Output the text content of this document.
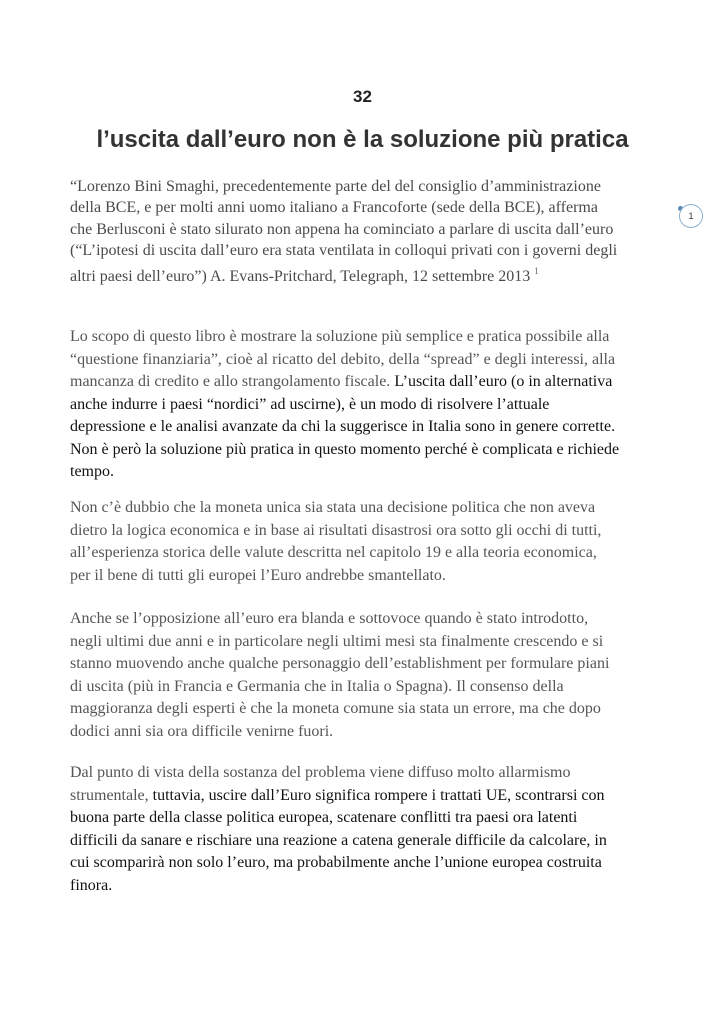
32
l’uscita dall’euro non è la soluzione più pratica
1

“Lorenzo Bini Smaghi, precedentemente parte del del consiglio d’amministrazione
della BCE, e per molti anni uomo italiano a Francoforte (sede della BCE), afferma
che Berlusconi è stato silurato non appena ha cominciato a parlare di uscita dall’euro
(“L’ipotesi di uscita dall’euro era stata ventilata in colloqui privati con i governi degli
altri paesi dell’euro”) A. Evans-Pritchard, Telegraph, 12 settembre 2013 $^1$

Lo scopo di questo libro è mostrare la soluzione più semplice e pratica possibile alla
“questione finanziaria”, cioè al ricatto del debito, della “spread” e degli interessi, alla
mancanza di credito e allo strangolamento fiscale. L’uscita dall’euro (o in alternativa
anche indurre i paesi “nordici” ad uscirne), è un modo di risolvere l’attuale
depressione e le analisi avanzate da chi la suggerisce in Italia sono in genere corrette.
Non è però la soluzione più pratica in questo momento perché è complicata e richiede
tempo.

Non c’è dubbio che la moneta unica sia stata una decisione politica che non aveva
dietro la logica economica e in base ai risultati disastrosi ora sotto gli occhi di tutti,
all’esperienza storica delle valute descritta nel capitolo 19 e alla teoria economica,
per il bene di tutti gli europei l’Euro andrebbe smantellato.

Anche se l’opposizione all’euro era blanda e sottovoce quando è stato introdotto,
negli ultimi due anni e in particolare negli ultimi mesi sta finalmente crescendo e si
stanno muovendo anche qualche personaggio dell’establishment per formulare piani
di uscita (più in Francia e Germania che in Italia o Spagna). Il consenso della
maggioranza degli esperti è che la moneta comune sia stata un errore, ma che dopo
dodici anni sia ora difficile venirne fuori.

Dal punto di vista della sostanza del problema viene diffuso molto allarmismo
strumentale, tuttavia, uscire dall’Euro significa rompere i trattati UE, scontrarsi con
buona parte della classe politica europea, scatenare conflitti tra paesi ora latenti
difficili da sanare e rischiare una reazione a catena generale difficile da calcolare, in
cui scomparirà non solo l’euro, ma probabilmente anche l’unione europea costruita
finora.
